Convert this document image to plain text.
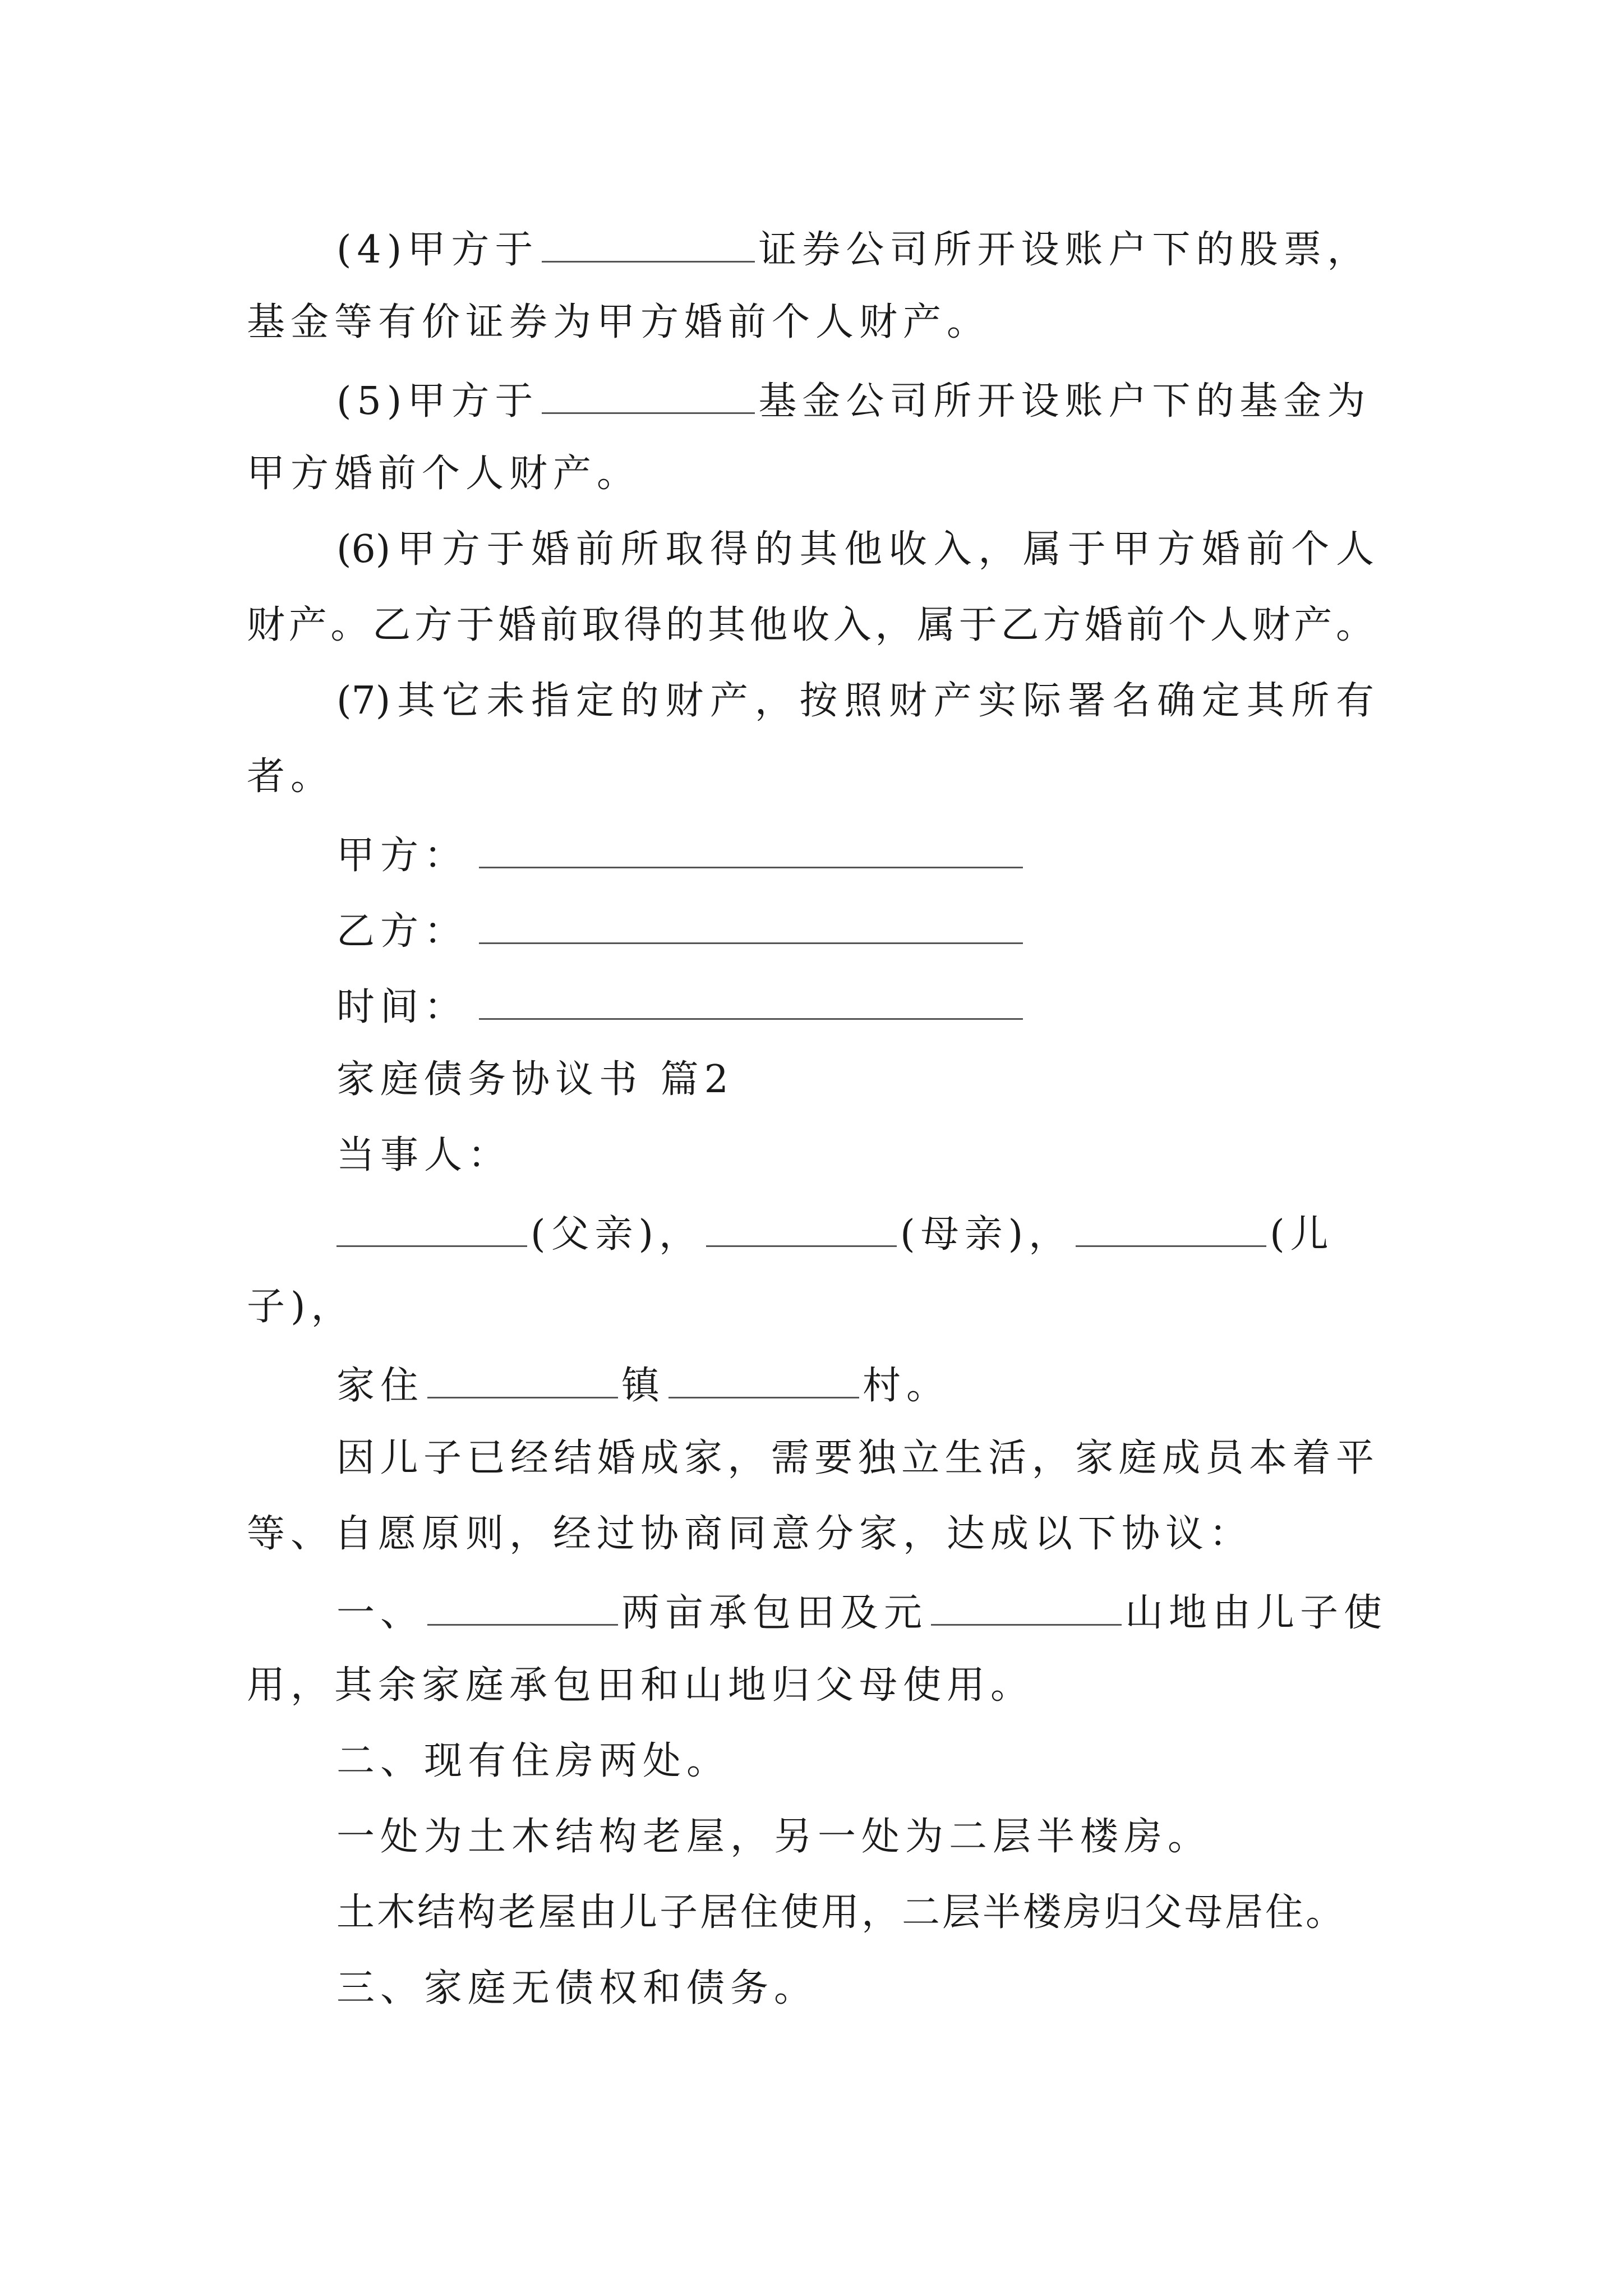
(4)甲方于	证券公司所开设账户下的股票，
基金等有价证券为甲方婚前个人财产。
(5)甲方于	基金公司所开设账户下的基金为
甲方婚前个人财产。
(6)甲方于婚前所取得的其他收入，属于甲方婚前个人
财产。乙方于婚前取得的其他收入，属于乙方婚前个人财产。
(7)其它未指定的财产，按照财产实际署名确定其所有
者。
甲方：
乙方：
时间：
家庭债务协议书 篇2
当事人：
(父亲)，	(母亲)，	(儿
子)，
家住	镇	村。
因儿子已经结婚成家，需要独立生活，家庭成员本着平
等、自愿原则，经过协商同意分家，达成以下协议：
一、	两亩承包田及元	山地由儿子使
用，其余家庭承包田和山地归父母使用。
二、现有住房两处。
一处为土木结构老屋，另一处为二层半楼房。
土木结构老屋由儿子居住使用，二层半楼房归父母居住。
三、家庭无债权和债务。
